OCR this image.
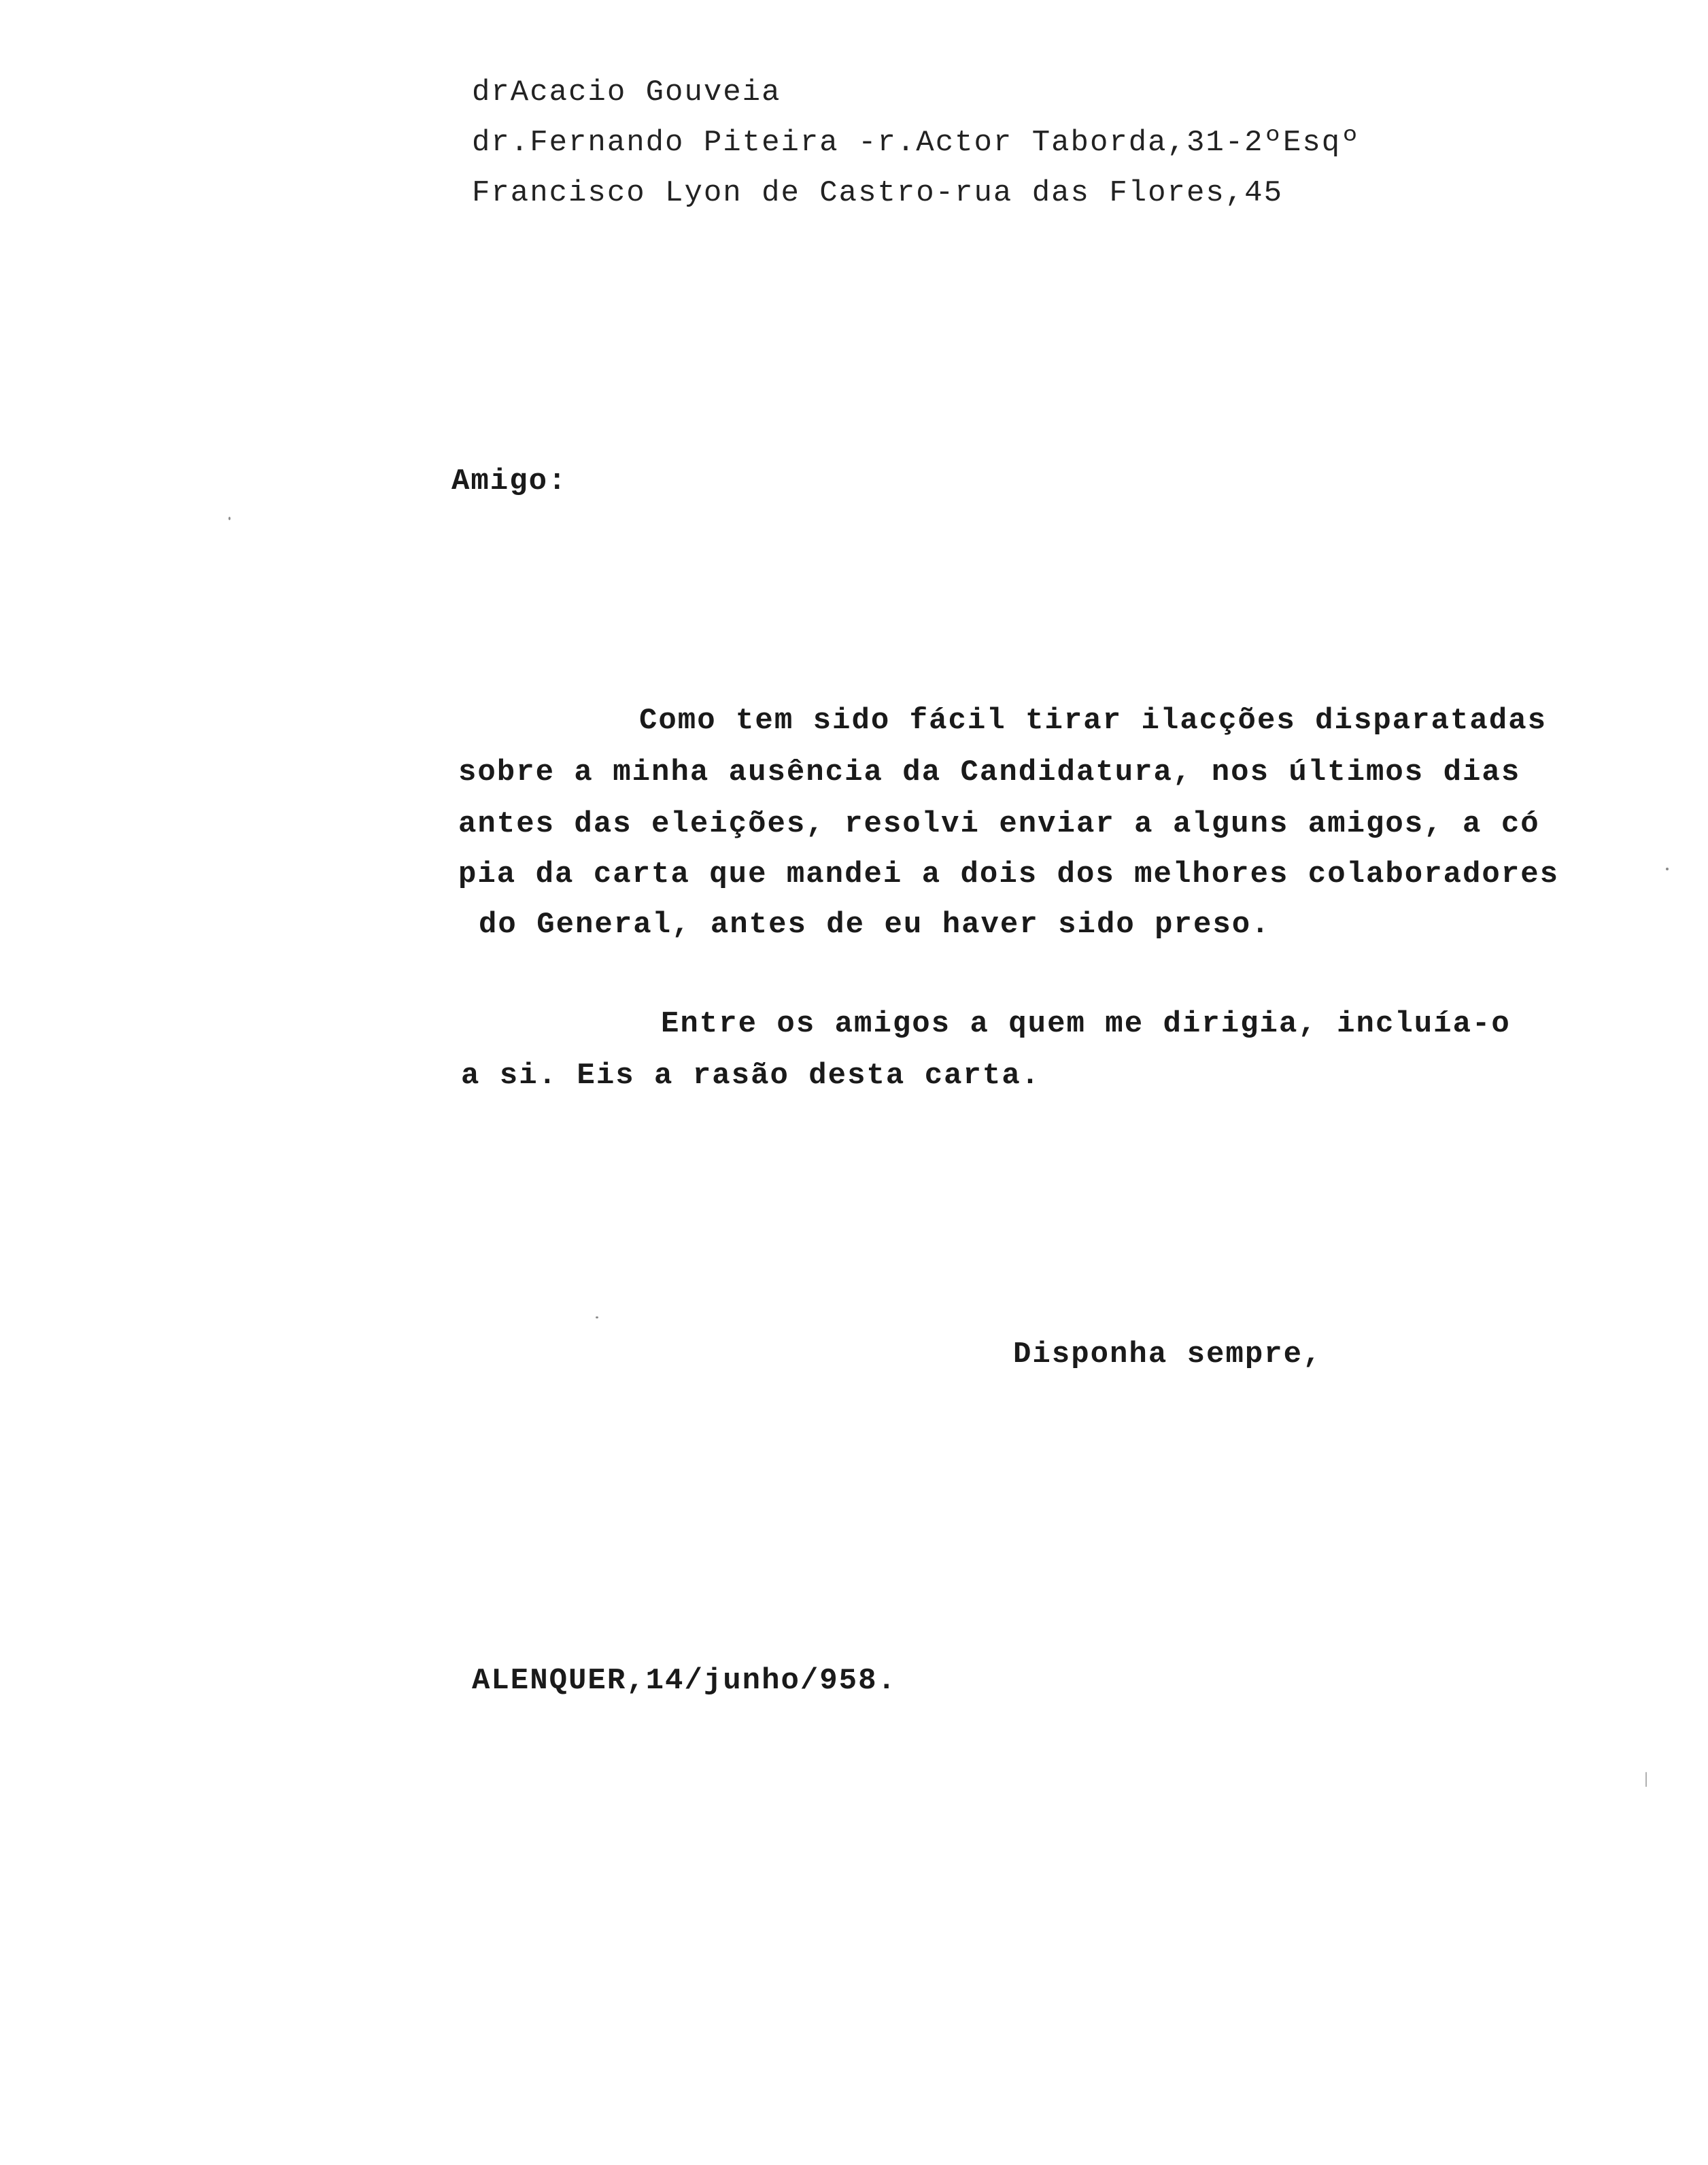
drAcacio Gouveia
dr.Fernando Piteira -r.Actor Taborda,31-2ºEsqº
Francisco Lyon de Castro-rua das Flores,45
Amigo:
Como tem sido fácil tirar ilacções disparatadas
sobre a minha ausência da Candidatura, nos últimos dias
antes das eleições, resolvi enviar a alguns amigos, a có
pia da carta que mandei a dois dos melhores colaboradores
do General, antes de eu haver sido preso.
Entre os amigos a quem me dirigia, incluía-o
a si. Eis a rasão desta carta.
Disponha sempre,
ALENQUER,14/junho/958.
